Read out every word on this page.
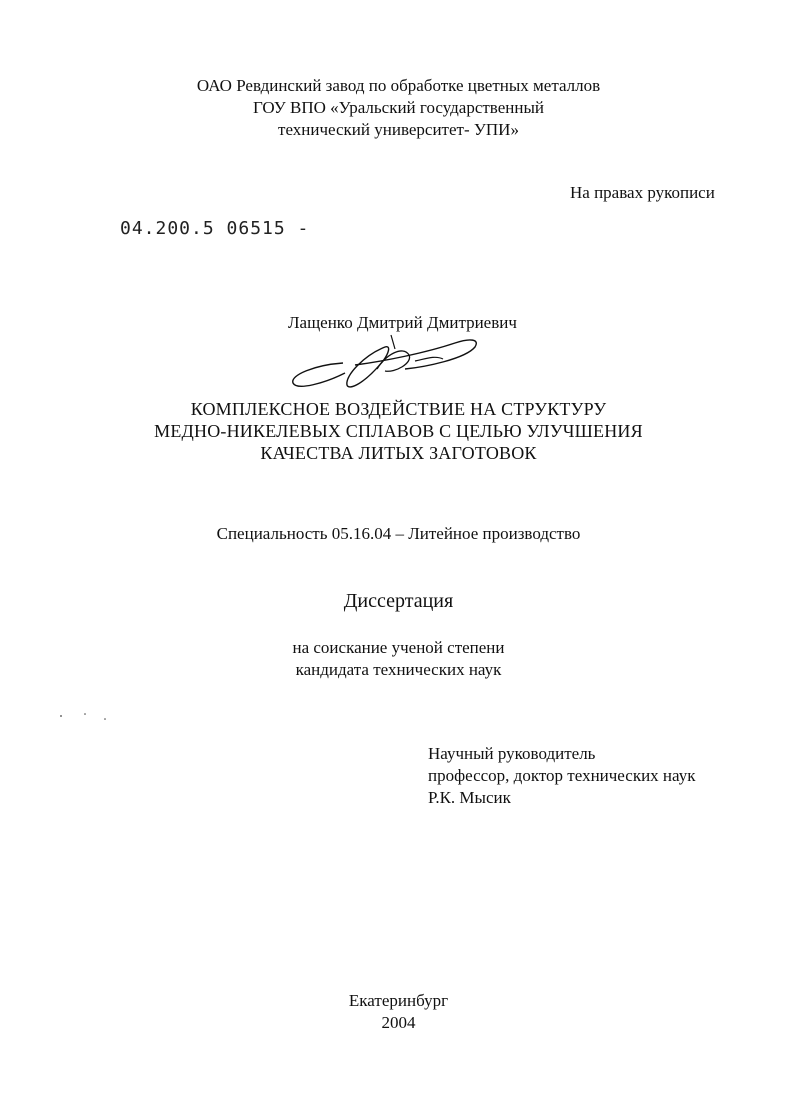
ОАО Ревдинский завод по обработке цветных металлов
ГОУ ВПО «Уральский государственный
технический университет- УПИ»
На правах рукописи
04.200.5 06515 -
Лащенко Дмитрий Дмитриевич
КОМПЛЕКСНОЕ ВОЗДЕЙСТВИЕ НА СТРУКТУРУ
МЕДНО-НИКЕЛЕВЫХ СПЛАВОВ С ЦЕЛЬЮ УЛУЧШЕНИЯ
КАЧЕСТВА ЛИТЫХ ЗАГОТОВОК
Специальность 05.16.04 – Литейное производство
Диссертация
на соискание ученой степени
кандидата технических наук
Научный руководитель
профессор, доктор технических наук
Р.К. Мысик
Екатеринбург
2004
